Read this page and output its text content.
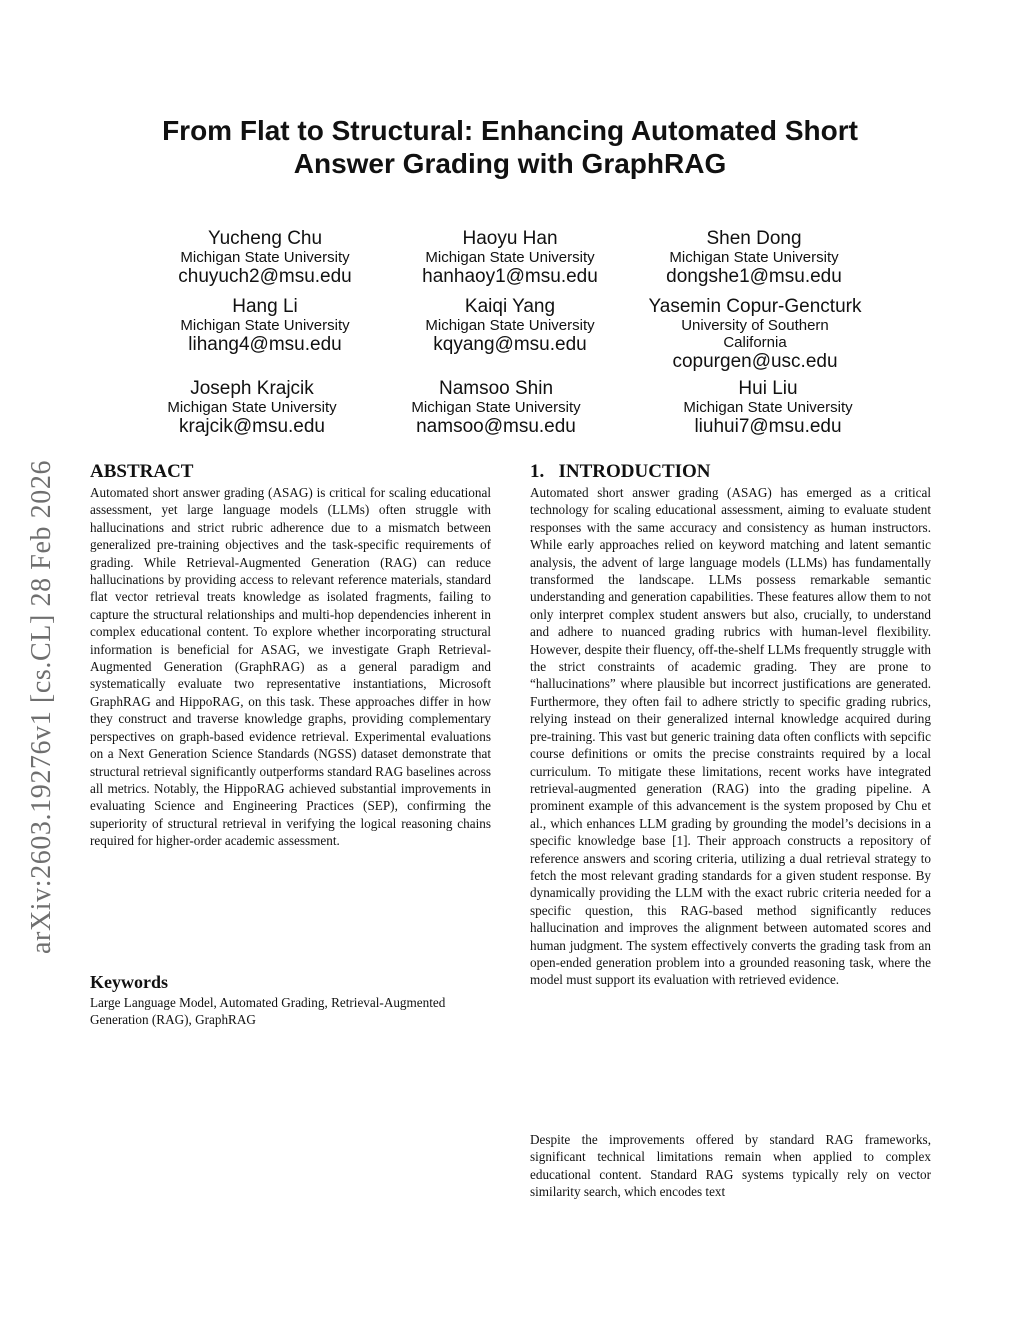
arXiv:2603.19276v1 [cs.CL] 28 Feb 2026
From Flat to Structural: Enhancing Automated Short Answer Grading with GraphRAG
Yucheng Chu
Michigan State University
chuyuch2@msu.edu
Haoyu Han
Michigan State University
hanhaoy1@msu.edu
Shen Dong
Michigan State University
dongshe1@msu.edu
Hang Li
Michigan State University
lihang4@msu.edu
Kaiqi Yang
Michigan State University
kqyang@msu.edu
Yasemin Copur-Gencturk
University of Southern California
copurgen@usc.edu
Joseph Krajcik
Michigan State University
krajcik@msu.edu
Namsoo Shin
Michigan State University
namsoo@msu.edu
Hui Liu
Michigan State University
liuhui7@msu.edu
ABSTRACT

Automated short answer grading (ASAG) is critical for scaling educational assessment, yet large language models (LLMs) often struggle with hallucinations and strict rubric adherence due to a mismatch between generalized pre-training objectives and the task-specific requirements of grading. While Retrieval-Augmented Generation (RAG) can reduce hallucinations by providing access to relevant reference materials, standard flat vector retrieval treats knowledge as isolated fragments, failing to capture the structural relationships and multi-hop dependencies inherent in complex educational content. To explore whether incorporating structural information is beneficial for ASAG, we investigate Graph Retrieval-Augmented Generation (GraphRAG) as a general paradigm and systematically evaluate two representative instantiations, Microsoft GraphRAG and HippoRAG, on this task. These approaches differ in how they construct and traverse knowledge graphs, providing complementary perspectives on graph-based evidence retrieval. Experimental evaluations on a Next Generation Science Standards (NGSS) dataset demonstrate that structural retrieval significantly outperforms standard RAG baselines across all metrics. Notably, the HippoRAG achieved substantial improvements in evaluating Science and Engineering Practices (SEP), confirming the superiority of structural retrieval in verifying the logical reasoning chains required for higher-order academic assessment.

Keywords

Large Language Model, Automated Grading, Retrieval-Augmented Generation (RAG), GraphRAG

1.   INTRODUCTION

Automated short answer grading (ASAG) has emerged as a critical technology for scaling educational assessment, aiming to evaluate student responses with the same accuracy and consistency as human instructors. While early approaches relied on keyword matching and latent semantic analysis, the advent of large language models (LLMs) has fundamentally transformed the landscape. LLMs possess remarkable semantic understanding and generation capabilities. These features allow them to not only interpret complex student answers but also, crucially, to understand and adhere to nuanced grading rubrics with human-level flexibility. However, despite their fluency, off-the-shelf LLMs frequently struggle with the strict constraints of academic grading. They are prone to “hallucinations” where plausible but incorrect justifications are generated. Furthermore, they often fail to adhere strictly to specific grading rubrics, relying instead on their generalized internal knowledge acquired during pre-training. This vast but generic training data often conflicts with sepcific course definitions or omits the precise constraints required by a local curriculum. To mitigate these limitations, recent works have integrated retrieval-augmented generation (RAG) into the grading pipeline. A prominent example of this advancement is the system proposed by Chu et al., which enhances LLM grading by grounding the model’s decisions in a specific knowledge base [1]. Their approach constructs a repository of reference answers and scoring criteria, utilizing a dual retrieval strategy to fetch the most relevant grading standards for a given student response. By dynamically providing the LLM with the exact rubric criteria needed for a specific question, this RAG-based method significantly reduces hallucination and improves the alignment between automated scores and human judgment. The system effectively converts the grading task from an open-ended generation problem into a grounded reasoning task, where the model must support its evaluation with retrieved evidence.

Despite the improvements offered by standard RAG frameworks, significant technical limitations remain when applied to complex educational content. Standard RAG systems typically rely on vector similarity search, which encodes text
